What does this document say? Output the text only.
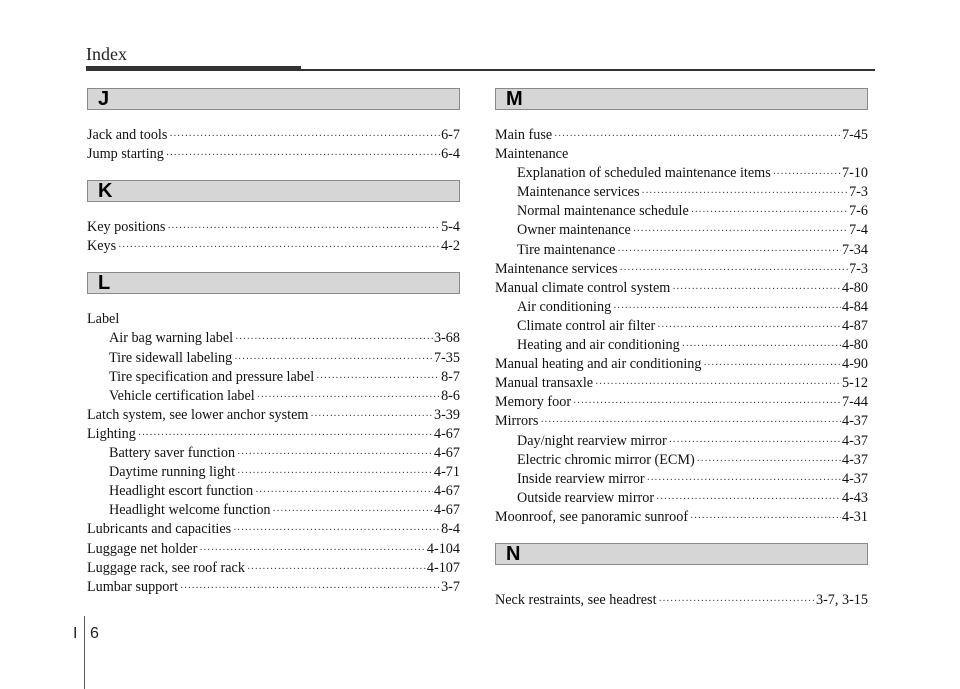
Index
J
Jack and tools ·····	6-7
Jump starting ·····	6-4
K
Key positions ·····	5-4
Keys ·····	4-2
L
Label
Air bag warning label ·····	3-68
Tire sidewall labeling ·····	7-35
Tire specification and pressure label ·····	8-7
Vehicle certification label ·····	8-6
Latch system, see lower anchor system ·····	3-39
Lighting ·····	4-67
Battery saver function ·····	4-67
Daytime running light ·····	4-71
Headlight escort function ·····	4-67
Headlight welcome function ·····	4-67
Lubricants and capacities ·····	8-4
Luggage net holder ·····	4-104
Luggage rack, see roof rack ·····	4-107
Lumbar support ·····	3-7
M
Main fuse ·····	7-45
Maintenance
Explanation of scheduled maintenance items ·····	7-10
Maintenance services ·····	7-3
Normal maintenance schedule ·····	7-6
Owner maintenance ·····	7-4
Tire maintenance ·····	7-34
Maintenance services ·····	7-3
Manual climate control system ·····	4-80
Air conditioning ·····	4-84
Climate control air filter ·····	4-87
Heating and air conditioning ·····	4-80
Manual heating and air conditioning ·····	4-90
Manual transaxle ·····	5-12
Memory foor ·····	7-44
Mirrors ·····	4-37
Day/night rearview mirror ·····	4-37
Electric chromic mirror (ECM) ·····	4-37
Inside rearview mirror ·····	4-37
Outside rearview mirror ·····	4-43
Moonroof, see panoramic sunroof ·····	4-31
N
Neck restraints, see headrest ·····	3-7, 3-15
I 6
